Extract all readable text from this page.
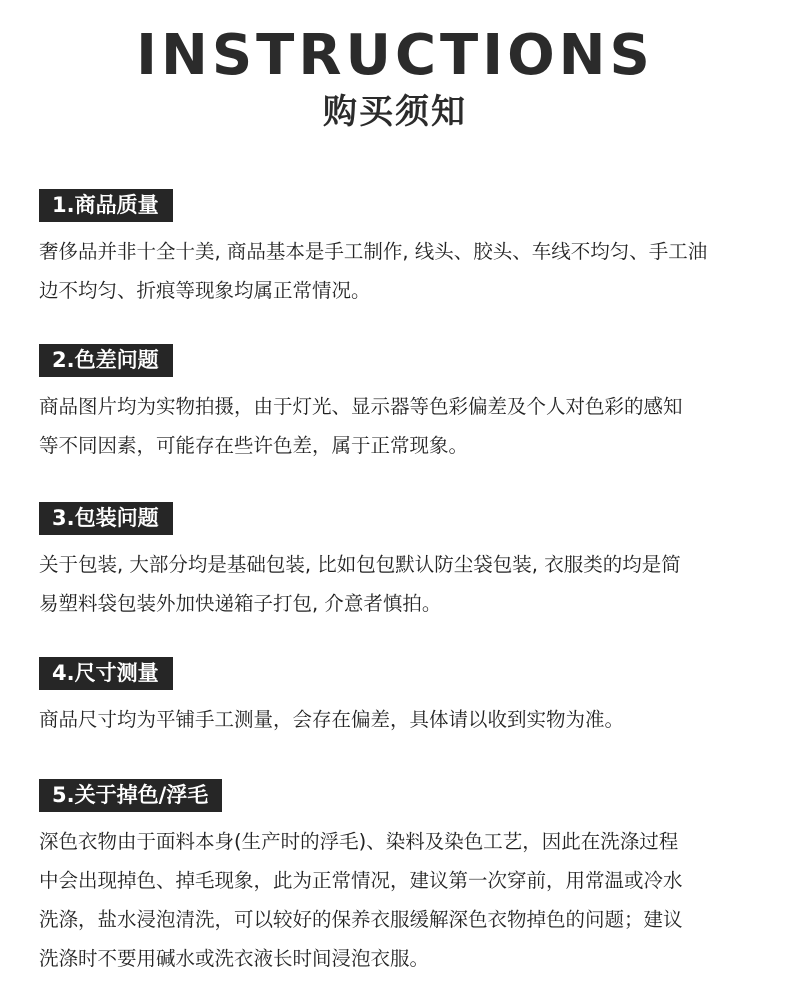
INSTRUCTIONS
购买须知
1.商品质量
奢侈品并非十全十美, 商品基本是手工制作, 线头、胶头、车线不均匀、手工油
边不均匀、折痕等现象均属正常情况。
2.色差问题
商品图片均为实物拍摄，由于灯光、显示器等色彩偏差及个人对色彩的感知
等不同因素，可能存在些许色差，属于正常现象。
3.包装问题
关于包装, 大部分均是基础包装, 比如包包默认防尘袋包装, 衣服类的均是简
易塑料袋包装外加快递箱子打包, 介意者慎拍。
4.尺寸测量
商品尺寸均为平铺手工测量，会存在偏差，具体请以收到实物为准。
5.关于掉色/浮毛
深色衣物由于面料本身(生产时的浮毛)、染料及染色工艺，因此在洗涤过程
中会出现掉色、掉毛现象，此为正常情况，建议第一次穿前，用常温或冷水
洗涤，盐水浸泡清洗，可以较好的保养衣服缓解深色衣物掉色的问题；建议
洗涤时不要用碱水或洗衣液长时间浸泡衣服。
